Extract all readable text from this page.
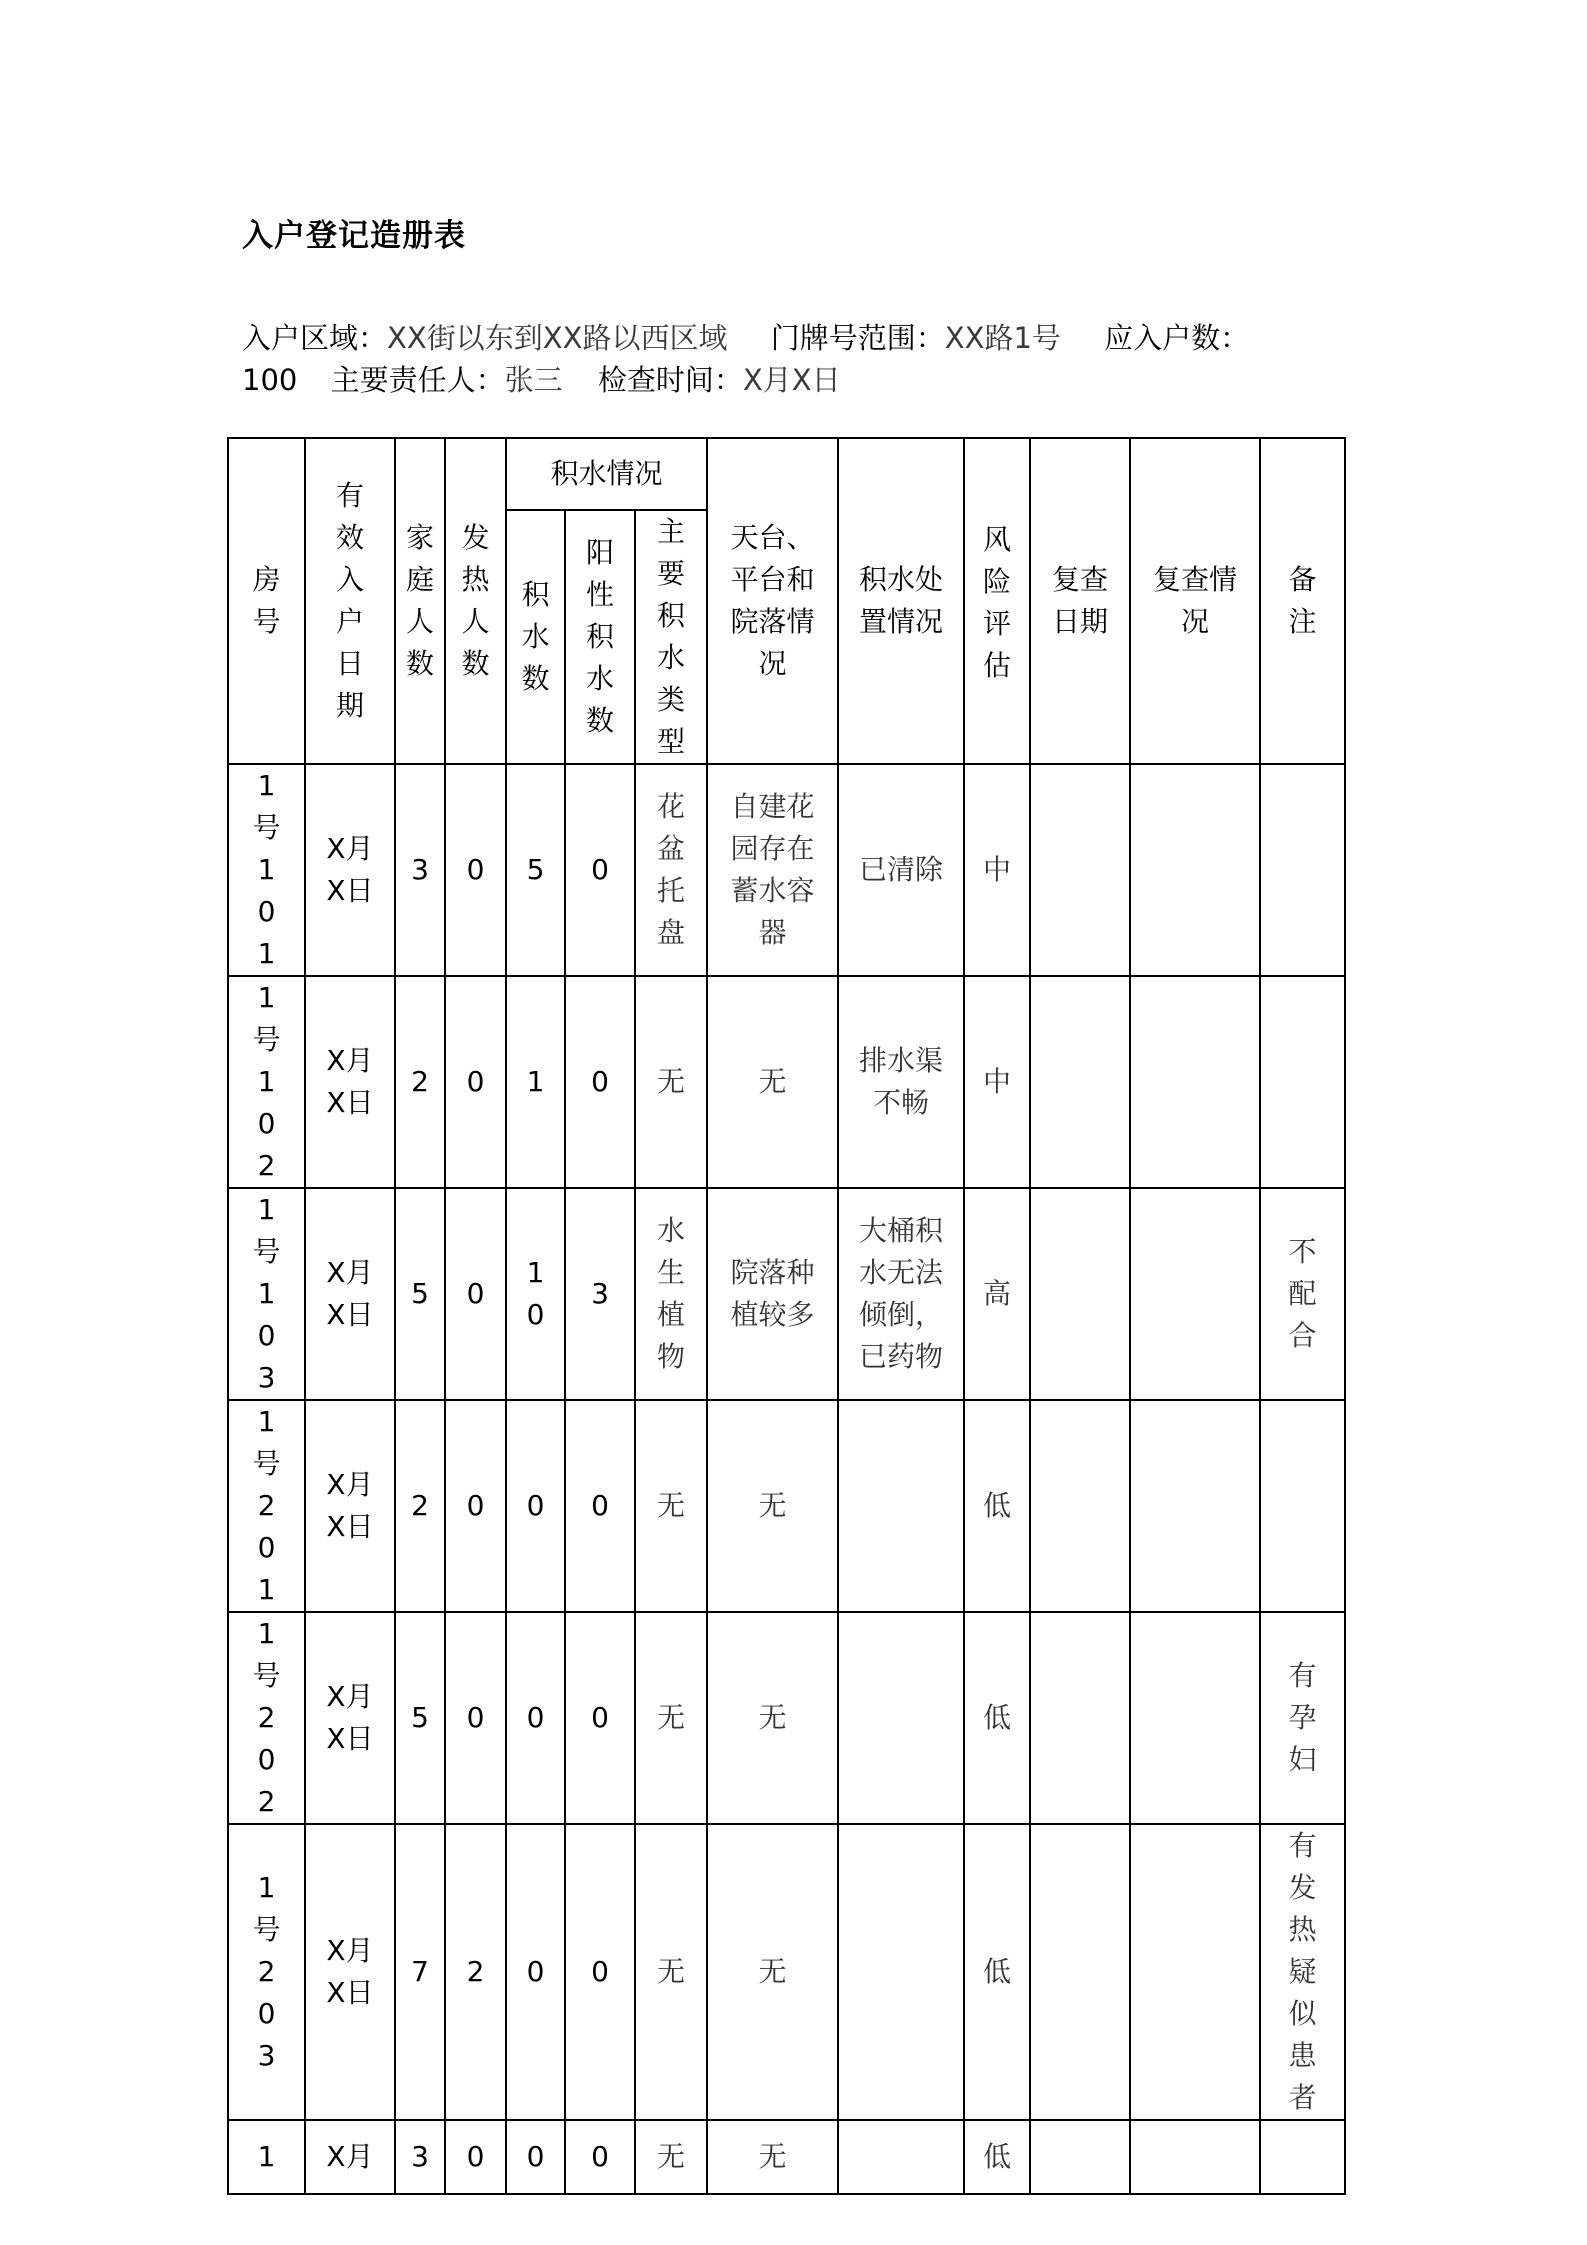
入户登记造册表
入户区域：XX街以东到XX路以西区域 门牌号范围：XX路1号 应入户数：
100 主要责任人：张三 检查时间：X月X日
房号	有效入户日期	家庭人数	发热人数	积水情况			天台、平台和院落情况	积水处置情况	风险评估	复查日期	复查情况	备注
				积水数	阳性积水数	主要积水类型						
1号101	X月X日	3	0	5	0	花盆托盘	自建花园存在蓄水容器	已清除	中			
1号102	X月X日	2	0	1	0	无	无	排水渠不畅	中			
1号103	X月X日	5	0	10	3	水生植物	院落种植较多	大桶积水无法倾倒，已药物	高			不配合
1号201	X月X日	2	0	0	0	无	无		低			
1号202	X月X日	5	0	0	0	无	无		低			有孕妇
1号203	X月X日	7	2	0	0	无	无		低			有发热疑似患者
1	X月	3	0	0	0	无	无		低			
